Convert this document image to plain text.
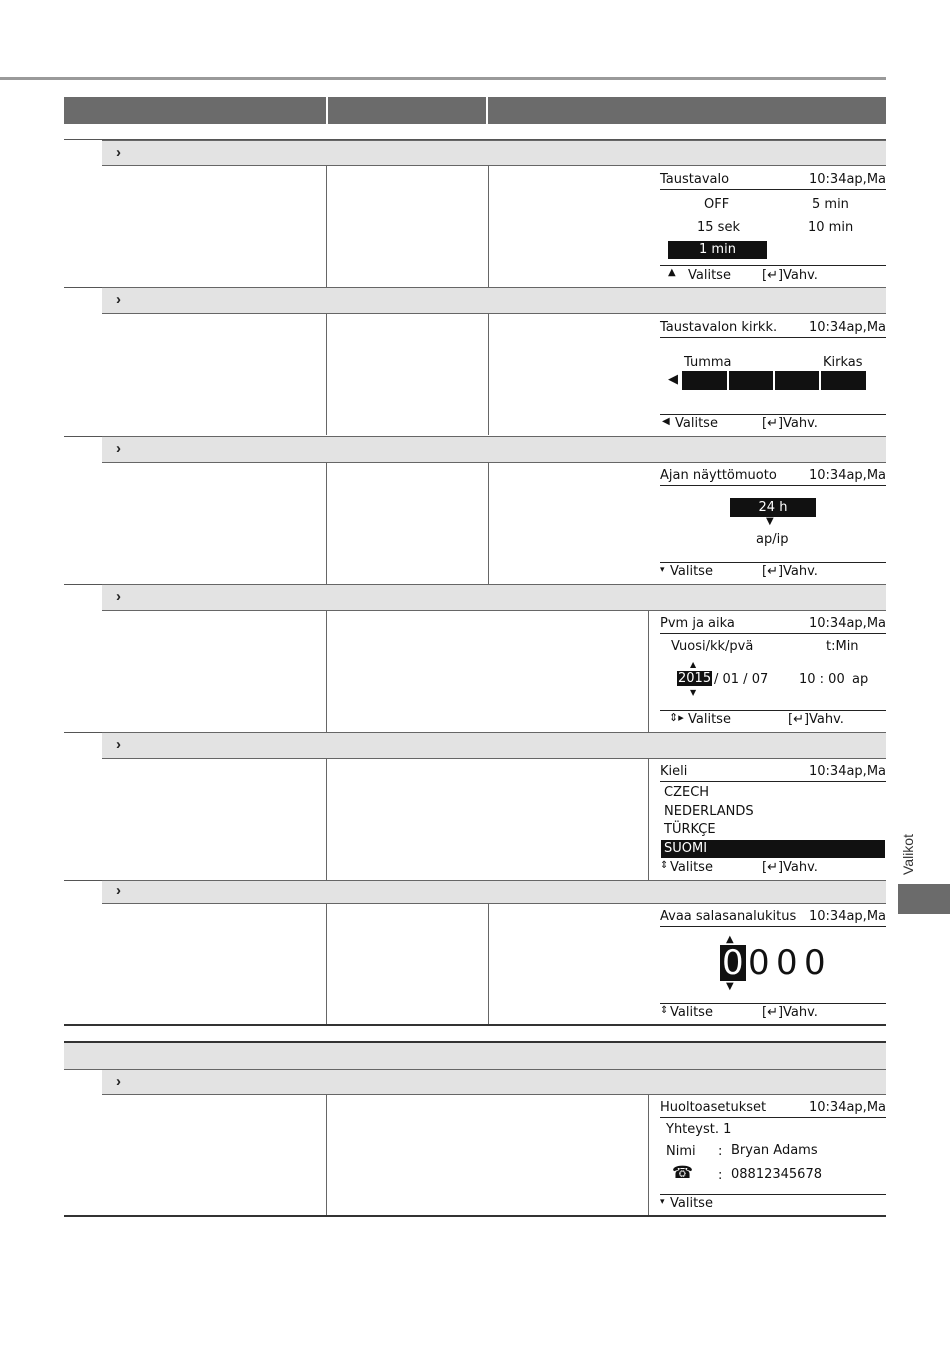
›
Taustavalo	10:34ap,Ma
OFF	5 min
15 sek	10 min
1 min
▲ Valitse [↵]Vahv.
›
Taustavalon kirkk. 10:34ap,Ma
Tumma	Kirkas
◀
◀ Valitse	[↵]Vahv.
›
Ajan näyttömuoto 10:34ap,Ma
24 h
▼
ap/ip
▾ Valitse	[↵]Vahv.
›
Pvm ja aika	10:34ap,Ma
Vuosi/kk/pvä	t:Min
▲
2015 / 01 / 07 10 : 00 ap
▼
⇕▸ Valitse	[↵]Vahv.
›
Kieli	10:34ap,Ma
CZECH
NEDERLANDS
TÜRKÇE
SUOMI
⇕ Valitse	[↵]Vahv.
›
Avaa salasanalukitus 10:34ap,Ma
▲
0 0 0 0
▼
⇕ Valitse	[↵]Vahv.
›
Huoltoasetukset	10:34ap,Ma
Yhteyst. 1
Nimi : Bryan Adams
☎ : 08812345678
▾ Valitse
Valikot
